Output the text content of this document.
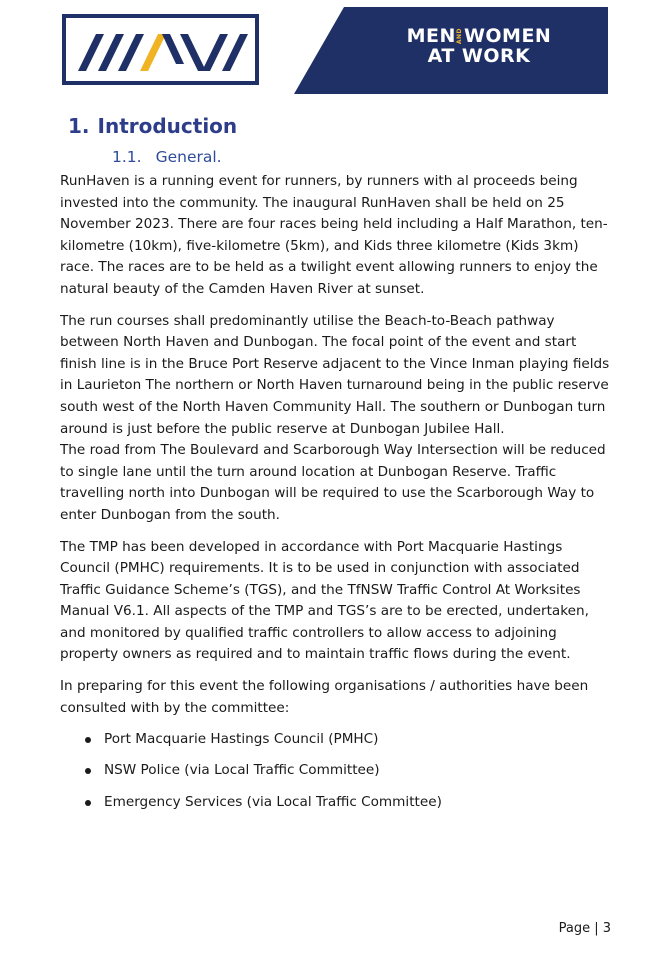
MENANDWOMEN
AT WORK
1. Introduction
1.1. General.

RunHaven is a running event for runners, by runners with al proceeds being invested into the community. The inaugural RunHaven shall be held on 25 November 2023. There are four races being held including a Half Marathon, ten-kilometre (10km), five-kilometre (5km), and Kids three kilometre (Kids 3km) race. The races are to be held as a twilight event allowing runners to enjoy the natural beauty of the Camden Haven River at sunset.

The run courses shall predominantly utilise the Beach-to-Beach pathway between North Haven and Dunbogan. The focal point of the event and start finish line is in the Bruce Port Reserve adjacent to the Vince Inman playing fields in Laurieton The northern or North Haven turnaround being in the public reserve south west of the North Haven Community Hall. The southern or Dunbogan turn around is just before the public reserve at Dunbogan Jubilee Hall.

The road from The Boulevard and Scarborough Way Intersection will be reduced to single lane until the turn around location at Dunbogan Reserve. Traffic travelling north into Dunbogan will be required to use the Scarborough Way to enter Dunbogan from the south.

The TMP has been developed in accordance with Port Macquarie Hastings Council (PMHC) requirements. It is to be used in conjunction with associated Traffic Guidance Scheme’s (TGS), and the TfNSW Traffic Control At Worksites Manual V6.1. All aspects of the TMP and TGS’s are to be erected, undertaken, and monitored by qualified traffic controllers to allow access to adjoining property owners as required and to maintain traffic flows during the event.

In preparing for this event the following organisations / authorities have been consulted with by the committee:

Port Macquarie Hastings Council (PMHC)
NSW Police (via Local Traffic Committee)
Emergency Services (via Local Traffic Committee)
Page | 3
